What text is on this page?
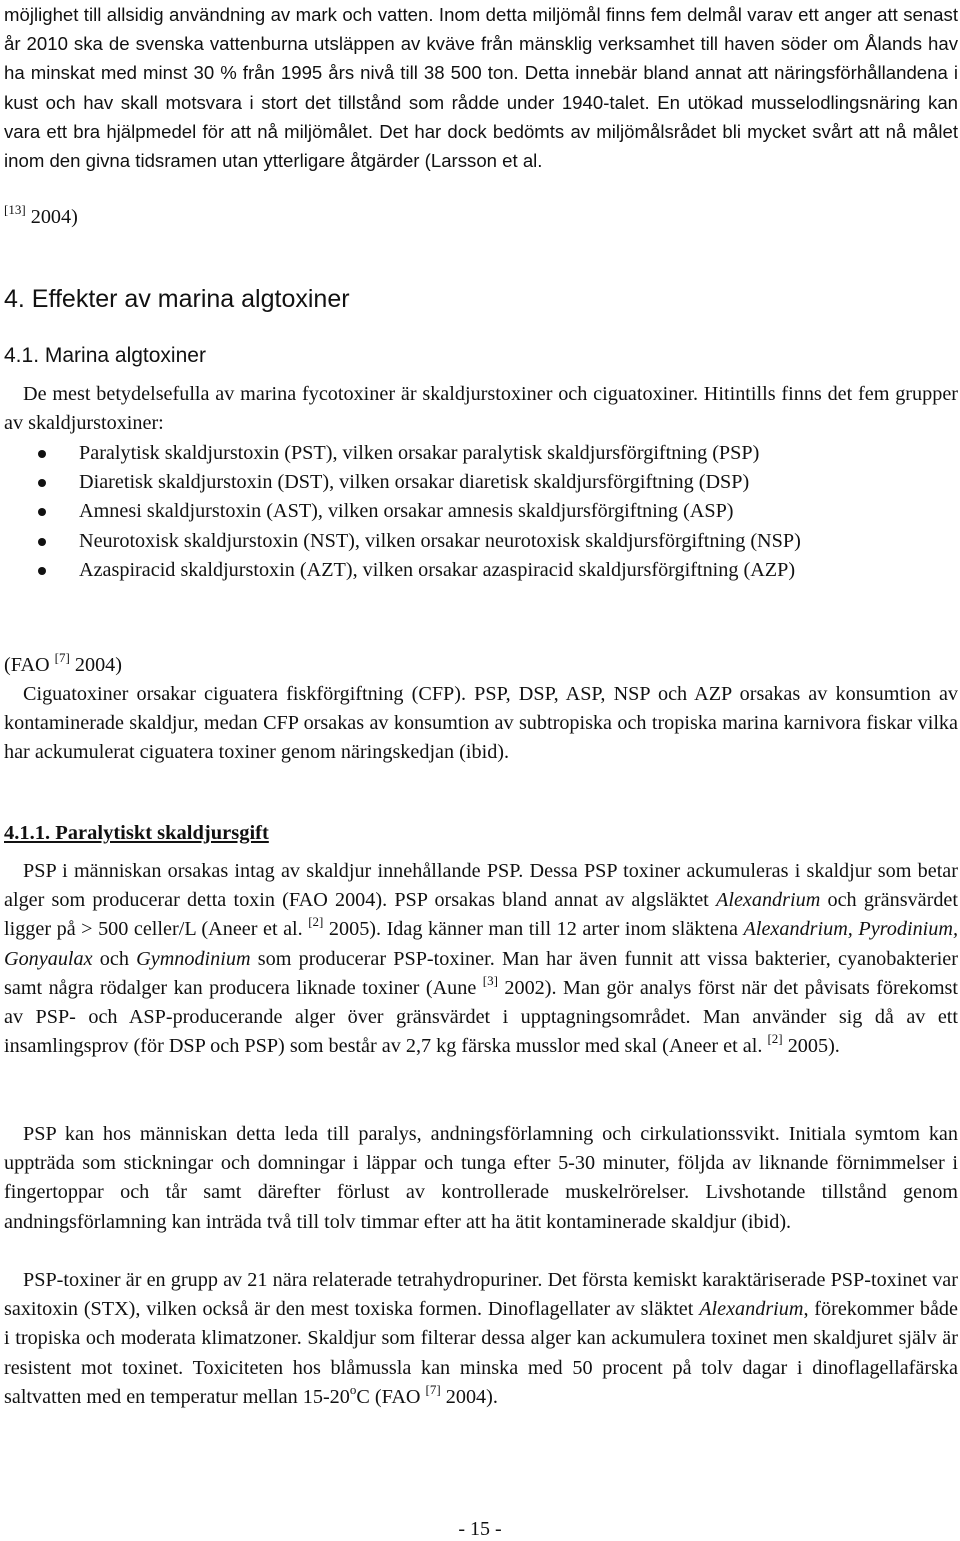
möjlighet till allsidig användning av mark och vatten. Inom detta miljömål finns fem delmål varav ett anger att senast år 2010 ska de svenska vattenburna utsläppen av kväve från mänsklig verksamhet till haven söder om Ålands hav ha minskat med minst 30 % från 1995 års nivå till 38 500 ton. Detta innebär bland annat att näringsförhållandena i kust och hav skall motsvara i stort det tillstånd som rådde under 1940-talet. En utökad musselodlingsnäring kan vara ett bra hjälpmedel för att nå miljömålet. Det har dock bedömts av miljömålsrådet bli mycket svårt att nå målet inom den givna tidsramen utan ytterligare åtgärder (Larsson et al.

[13] 2004)

4. Effekter av marina algtoxiner
4.1. Marina algtoxiner

De mest betydelsefulla av marina fycotoxiner är skaldjurstoxiner och ciguatoxiner. Hitintills finns det fem grupper av skaldjurstoxiner:

Paralytisk skaldjurstoxin (PST), vilken orsakar paralytisk skaldjursförgiftning (PSP)
Diaretisk skaldjurstoxin (DST), vilken orsakar diaretisk skaldjursförgiftning (DSP)
Amnesi skaldjurstoxin (AST), vilken orsakar amnesis skaldjursförgiftning (ASP)
Neurotoxisk skaldjurstoxin (NST), vilken orsakar neurotoxisk skaldjursförgiftning (NSP)
Azaspiracid skaldjurstoxin (AZT), vilken orsakar azaspiracid skaldjursförgiftning (AZP)

(FAO [7] 2004)

Ciguatoxiner orsakar ciguatera fiskförgiftning (CFP). PSP, DSP, ASP, NSP och AZP orsakas av konsumtion av kontaminerade skaldjur, medan CFP orsakas av konsumtion av subtropiska och tropiska marina karnivora fiskar vilka har ackumulerat ciguatera toxiner genom näringskedjan (ibid).

4.1.1. Paralytiskt skaldjursgift

PSP i människan orsakas intag av skaldjur innehållande PSP. Dessa PSP toxiner ackumuleras i skaldjur som betar alger som producerar detta toxin (FAO 2004). PSP orsakas bland annat av algsläktet Alexandrium och gränsvärdet ligger på > 500 celler/L (Aneer et al. [2] 2005). Idag känner man till 12 arter inom släktena Alexandrium, Pyrodinium, Gonyaulax och Gymnodinium som producerar PSP-toxiner. Man har även funnit att vissa bakterier, cyanobakterier samt några rödalger kan producera liknade toxiner (Aune [3] 2002). Man gör analys först när det påvisats förekomst av PSP- och ASP-producerande alger över gränsvärdet i upptagningsområdet. Man använder sig då av ett insamlingsprov (för DSP och PSP) som består av 2,7 kg färska musslor med skal (Aneer et al. [2] 2005).

PSP kan hos människan detta leda till paralys, andningsförlamning och cirkulationssvikt. Initiala symtom kan uppträda som stickningar och domningar i läppar och tunga efter 5-30 minuter, följda av liknande förnimmelser i fingertoppar och tår samt därefter förlust av kontrollerade muskelrörelser. Livshotande tillstånd genom andningsförlamning kan inträda två till tolv timmar efter att ha ätit kontaminerade skaldjur (ibid).

PSP-toxiner är en grupp av 21 nära relaterade tetrahydropuriner. Det första kemiskt karaktäriserade PSP-toxinet var saxitoxin (STX), vilken också är den mest toxiska formen. Dinoflagellater av släktet Alexandrium, förekommer både i tropiska och moderata klimatzoner. Skaldjur som filterar dessa alger kan ackumulera toxinet men skaldjuret själv är resistent mot toxinet. Toxiciteten hos blåmussla kan minska med 50 procent på tolv dagar i dinoflagellafärska saltvatten med en temperatur mellan 15-20$^o$C (FAO [7] 2004).

- 15 -
